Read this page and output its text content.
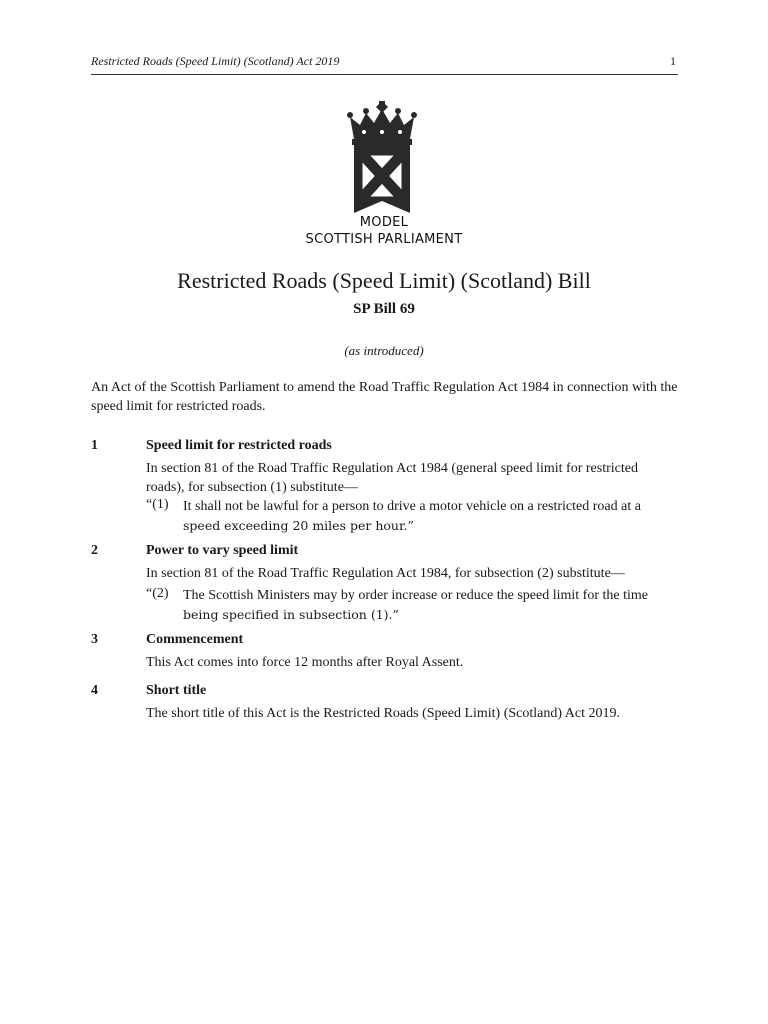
Restricted Roads (Speed Limit) (Scotland) Act 2019	1
MODEL
SCOTTISH PARLIAMENT
Restricted Roads (Speed Limit) (Scotland) Bill
SP Bill 69
(as introduced)
An Act of the Scottish Parliament to amend the Road Traffic Regulation Act 1984 in connection with the speed limit for restricted roads.
1	Speed limit for restricted roads
In section 81 of the Road Traffic Regulation Act 1984 (general speed limit for restricted
roads), for subsection (1) substitute—
“(1) It shall not be lawful for a person to drive a motor vehicle on a restricted road at a
speed exceeding 20 miles per hour.”
2	Power to vary speed limit
In section 81 of the Road Traffic Regulation Act 1984, for subsection (2) substitute—
“(2) The Scottish Ministers may by order increase or reduce the speed limit for the time
being specified in subsection (1).”
3	Commencement
This Act comes into force 12 months after Royal Assent.
4	Short title
The short title of this Act is the Restricted Roads (Speed Limit) (Scotland) Act 2019.
